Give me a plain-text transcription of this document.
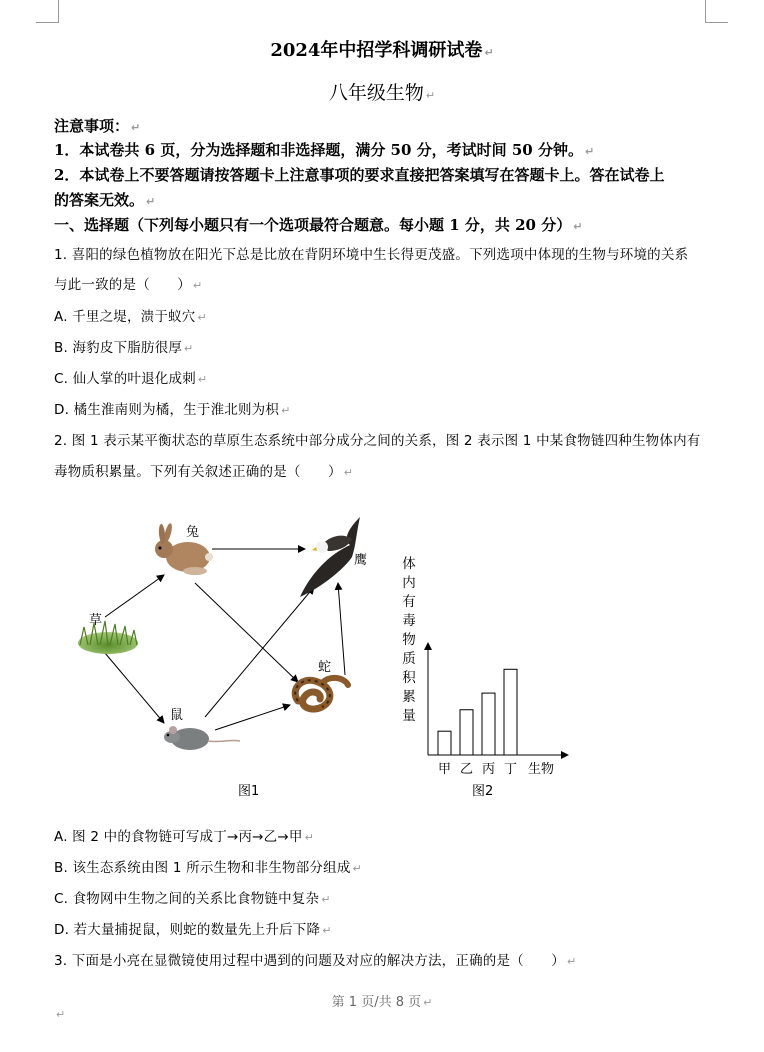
2024年中招学科调研试卷 ↵
八年级生物 ↵
注意事项： ↵
1．本试卷共 6 页，分为选择题和非选择题，满分 50 分，考试时间 50 分钟。 ↵
2．本试卷上不要答题请按答题卡上注意事项的要求直接把答案填写在答题卡上。答在试卷上
的答案无效。 ↵
一、选择题（下列每小题只有一个选项最符合题意。每小题 1 分，共 20 分） ↵
1. 喜阳的绿色植物放在阳光下总是比放在背阴环境中生长得更茂盛。下列选项中体现的生物与环境的关系
与此一致的是（　　） ↵
A. 千里之堤，溃于蚁穴 ↵
B. 海豹皮下脂肪很厚 ↵
C. 仙人掌的叶退化成刺 ↵
D. 橘生淮南则为橘，生于淮北则为枳 ↵
2. 图 1 表示某平衡状态的草原生态系统中部分成分之间的关系，图 2 表示图 1 中某食物链四种生物体内有
毒物质积累量。下列有关叙述正确的是（　　） ↵
兔
鹰
草
蛇
鼠
图1
体内有毒物质积累量
甲 乙 丙 丁 生物
图2
A. 图 2 中的食物链可写成丁→丙→乙→甲 ↵
B. 该生态系统由图 1 所示生物和非生物部分组成 ↵
C. 食物网中生物之间的关系比食物链中复杂 ↵
D. 若大量捕捉鼠，则蛇的数量先上升后下降 ↵
3. 下面是小亮在显微镜使用过程中遇到的问题及对应的解决方法，正确的是（　　） ↵
第 1 页/共 8 页 ↵
↵
